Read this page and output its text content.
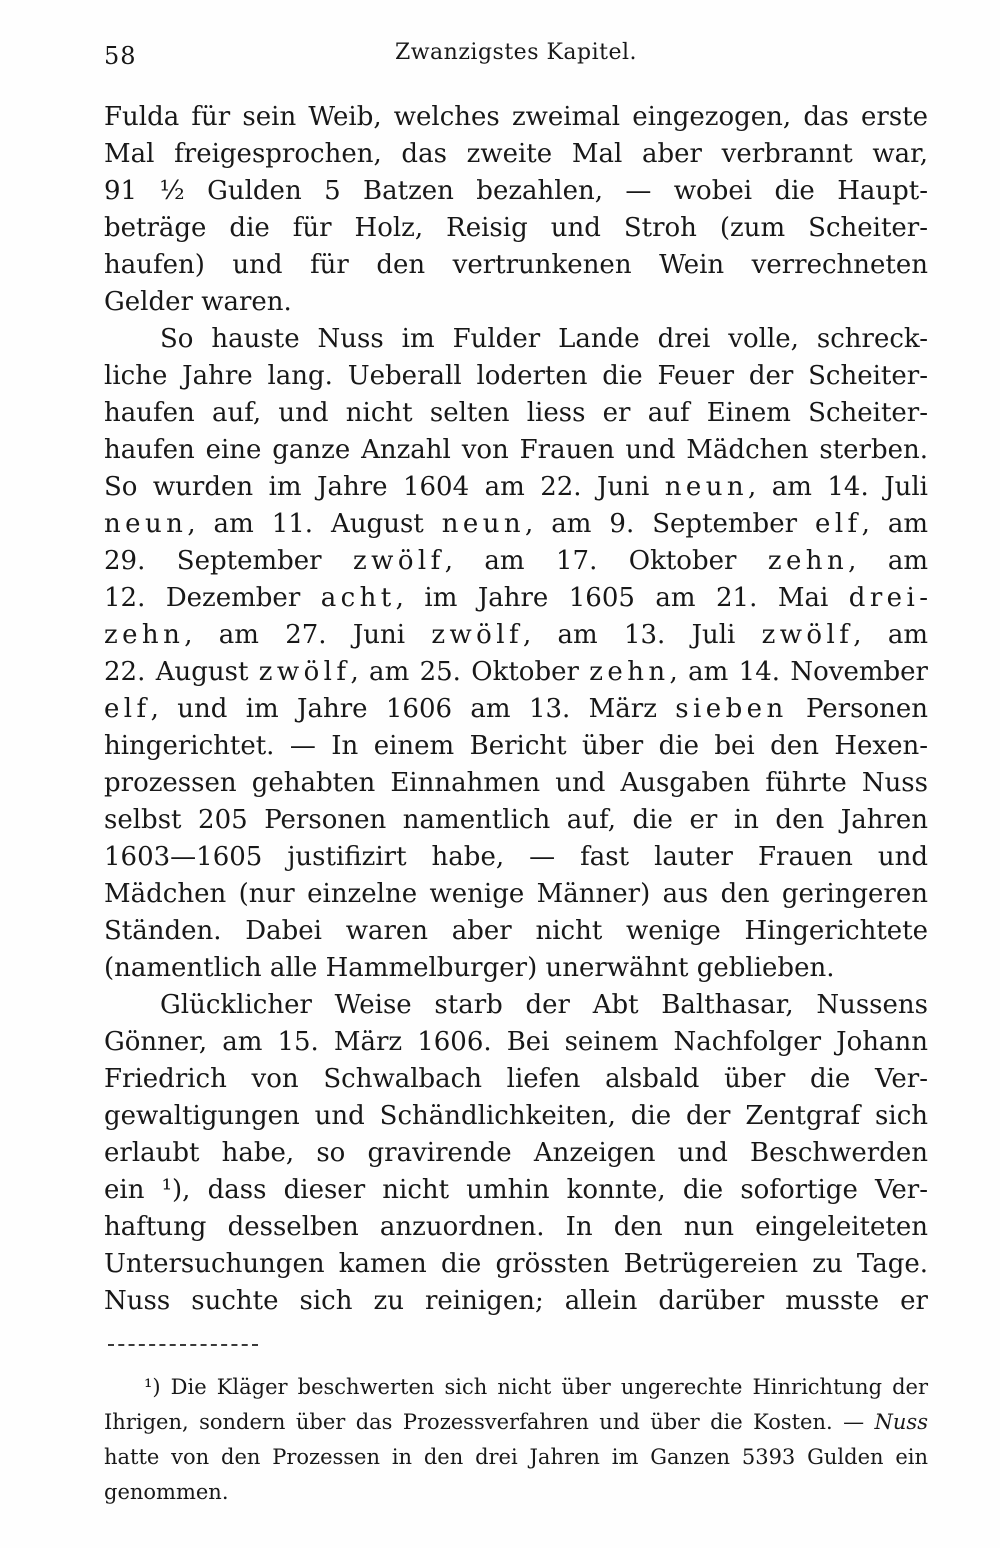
58	Zwanzigstes Kapitel.
Fulda für sein Weib, welches zweimal eingezogen, das erste
Mal freigesprochen, das zweite Mal aber verbrannt war,
91 ½ Gulden 5 Batzen bezahlen, — wobei die Haupt-
beträge die für Holz, Reisig und Stroh (zum Scheiter-
haufen) und für den vertrunkenen Wein verrechneten
Gelder waren.
So hauste Nuss im Fulder Lande drei volle, schreck-
liche Jahre lang. Ueberall loderten die Feuer der Scheiter-
haufen auf, und nicht selten liess er auf Einem Scheiter-
haufen eine ganze Anzahl von Frauen und Mädchen sterben.
So wurden im Jahre 1604 am 22. Juni neun, am 14. Juli
neun, am 11. August neun, am 9. September elf, am
29. September zwölf, am 17. Oktober zehn, am
12. Dezember acht, im Jahre 1605 am 21. Mai drei-
zehn, am 27. Juni zwölf, am 13. Juli zwölf, am
22. August zwölf, am 25. Oktober zehn, am 14. November
elf, und im Jahre 1606 am 13. März sieben Personen
hingerichtet. — In einem Bericht über die bei den Hexen-
prozessen gehabten Einnahmen und Ausgaben führte Nuss
selbst 205 Personen namentlich auf, die er in den Jahren
1603—1605 justifizirt habe, — fast lauter Frauen und
Mädchen (nur einzelne wenige Männer) aus den geringeren
Ständen. Dabei waren aber nicht wenige Hingerichtete
(namentlich alle Hammelburger) unerwähnt geblieben.
Glücklicher Weise starb der Abt Balthasar, Nussens
Gönner, am 15. März 1606. Bei seinem Nachfolger Johann
Friedrich von Schwalbach liefen alsbald über die Ver-
gewaltigungen und Schändlichkeiten, die der Zentgraf sich
erlaubt habe, so gravirende Anzeigen und Beschwerden
ein ¹), dass dieser nicht umhin konnte, die sofortige Ver-
haftung desselben anzuordnen. In den nun eingeleiteten
Untersuchungen kamen die grössten Betrügereien zu Tage.
Nuss suchte sich zu reinigen; allein darüber musste er
¹) Die Kläger beschwerten sich nicht über ungerechte Hinrichtung der
Ihrigen, sondern über das Prozessverfahren und über die Kosten. — Nuss
hatte von den Prozessen in den drei Jahren im Ganzen 5393 Gulden ein
genommen.
